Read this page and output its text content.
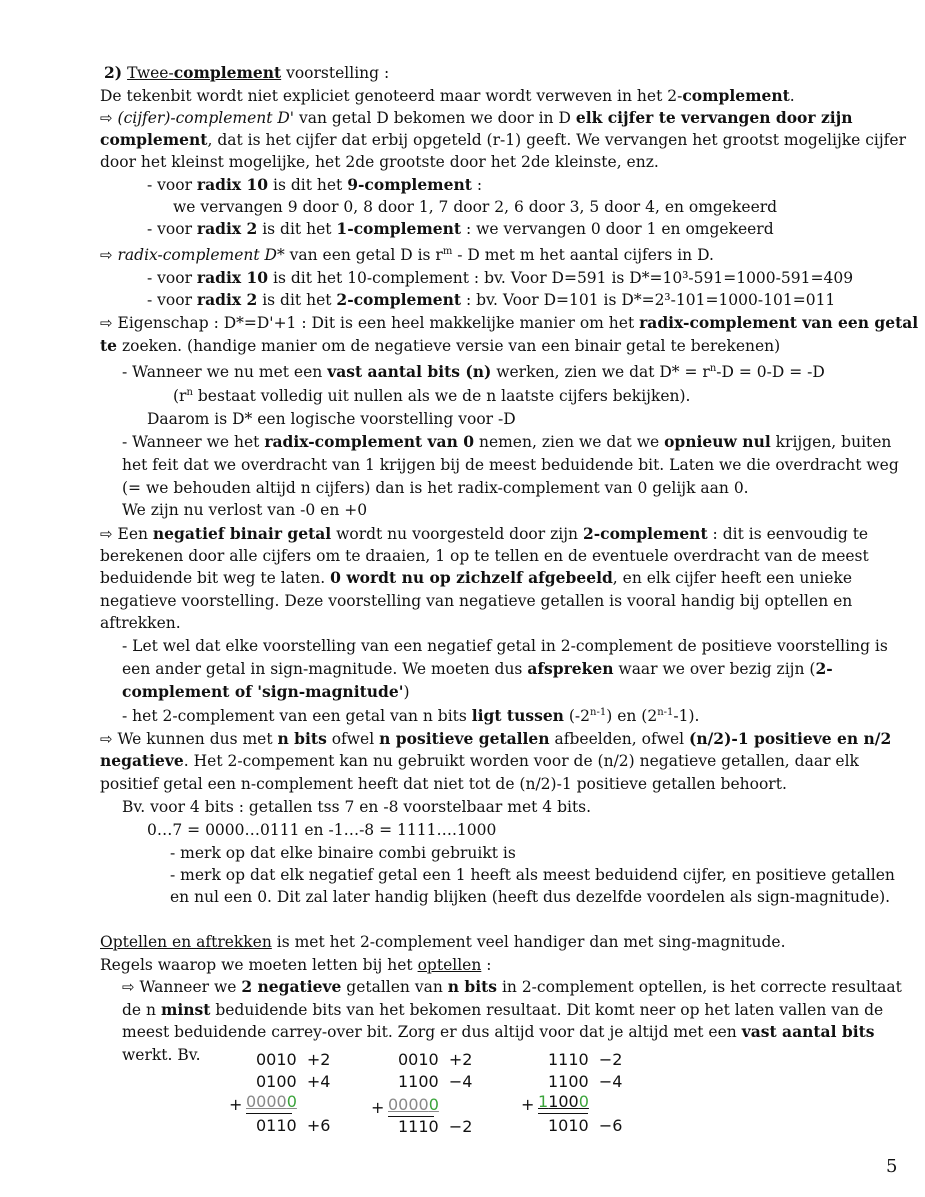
2) Twee-complement voorstelling :
De tekenbit wordt niet expliciet genoteerd maar wordt verweven in het 2-complement.
⇨ (cijfer)-complement D' van getal D bekomen we door in D elk cijfer te vervangen door zijn
complement, dat is het cijfer dat erbij opgeteld (r-1) geeft. We vervangen het grootst mogelijke cijfer
door het kleinst mogelijke, het 2de grootste door het 2de kleinste, enz.
- voor radix 10 is dit het 9-complement :
we vervangen 9 door 0, 8 door 1, 7 door 2, 6 door 3, 5 door 4, en omgekeerd
- voor radix 2 is dit het 1-complement : we vervangen 0 door 1 en omgekeerd
⇨ radix-complement D* van een getal D is $r^m$ - D met m het aantal cijfers in D.
- voor radix 10 is dit het 10-complement : bv. Voor D=591 is D*=10³-591=1000-591=409
- voor radix 2 is dit het 2-complement : bv. Voor D=101 is D*=2³-101=1000-101=011
⇨ Eigenschap : D*=D'+1 : Dit is een heel makkelijke manier om het radix-complement van een getal
te zoeken. (handige manier om de negatieve versie van een binair getal te berekenen)
- Wanneer we nu met een vast aantal bits (n) werken, zien we dat $D* = r^n-D = 0-D = -D$
($r^n$ bestaat volledig uit nullen als we de n laatste cijfers bekijken).
Daarom is D* een logische voorstelling voor -D
- Wanneer we het radix-complement van 0 nemen, zien we dat we opnieuw nul krijgen, buiten
het feit dat we overdracht van 1 krijgen bij de meest beduidende bit. Laten we die overdracht weg
(= we behouden altijd n cijfers) dan is het radix-complement van 0 gelijk aan 0.
We zijn nu verlost van -0 en +0
⇨ Een negatief binair getal wordt nu voorgesteld door zijn 2-complement : dit is eenvoudig te
berekenen door alle cijfers om te draaien, 1 op te tellen en de eventuele overdracht van de meest
beduidende bit weg te laten. 0 wordt nu op zichzelf afgebeeld, en elk cijfer heeft een unieke
negatieve voorstelling. Deze voorstelling van negatieve getallen is vooral handig bij optellen en
aftrekken.
- Let wel dat elke voorstelling van een negatief getal in 2-complement de positieve voorstelling is
een ander getal in sign-magnitude. We moeten dus afspreken waar we over bezig zijn (2-
complement of 'sign-magnitude')
- het 2-complement van een getal van n bits ligt tussen (-2$^{n-1}$) en (2$^{n-1}$-1).
⇨ We kunnen dus met n bits ofwel n positieve getallen afbeelden, ofwel (n/2)-1 positieve en n/2
negatieve. Het 2-compement kan nu gebruikt worden voor de (n/2) negatieve getallen, daar elk
positief getal een n-complement heeft dat niet tot de (n/2)-1 positieve getallen behoort.
Bv. voor 4 bits : getallen tss 7 en -8 voorstelbaar met 4 bits.
0…7 = 0000…0111 en -1…-8 = 1111….1000
- merk op dat elke binaire combi gebruikt is
- merk op dat elk negatief getal een 1 heeft als meest beduidend cijfer, en positieve getallen
en nul een 0. Dit zal later handig blijken (heeft dus dezelfde voordelen als sign-magnitude).
Optellen en aftrekken is met het 2-complement veel handiger dan met sing-magnitude.
Regels waarop we moeten letten bij het optellen :
⇨ Wanneer we 2 negatieve getallen van n bits in 2-complement optellen, is het correcte resultaat
de n minst beduidende bits van het bekomen resultaat. Dit komt neer op het laten vallen van de
meest beduidende carrey-over bit. Zorg er dus altijd voor dat je altijd met een vast aantal bits
werkt. Bv.	0010 +2
0100 +4
+ 00000
0110 +6
0010 +2
1100 −4
+ 00000
1110 −2
1110 −2
1100 −4
+ 11000
1010 −6
5
